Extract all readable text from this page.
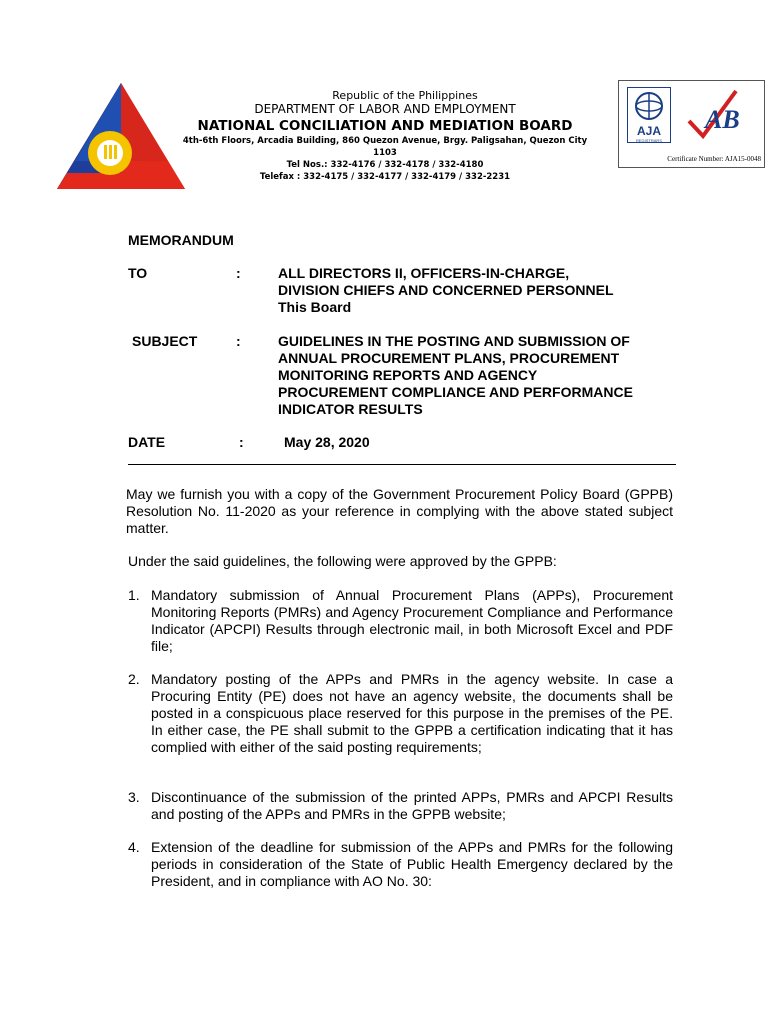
Republic of the Philippines
DEPARTMENT OF LABOR AND EMPLOYMENT
NATIONAL CONCILIATION AND MEDIATION BOARD
4th-6th Floors, Arcadia Building, 860 Quezon Avenue, Brgy. Paligsahan, Quezon City 1103
Tel Nos.: 332-4176 / 332-4178 / 332-4180
Telefax : 332-4175 / 332-4177 / 332-4179 / 332-2231
AJA
REGISTRARS
AB
Certificate Number: AJA15-0048
MEMORANDUM
TO	:	ALL DIRECTORS II, OFFICERS-IN-CHARGE,
DIVISION CHIEFS AND CONCERNED PERSONNEL
This Board
SUBJECT	:	GUIDELINES IN THE POSTING AND SUBMISSION OF
ANNUAL PROCUREMENT PLANS, PROCUREMENT
MONITORING REPORTS AND AGENCY
PROCUREMENT COMPLIANCE AND PERFORMANCE
INDICATOR RESULTS
DATE	:	May 28, 2020
May we furnish you with a copy of the Government Procurement Policy Board (GPPB) Resolution No. 11-2020 as your reference in complying with the above stated subject matter.
Under the said guidelines, the following were approved by the GPPB:
1. Mandatory submission of Annual Procurement Plans (APPs), Procurement Monitoring Reports (PMRs) and Agency Procurement Compliance and Performance Indicator (APCPI) Results through electronic mail, in both Microsoft Excel and PDF file;
2. Mandatory posting of the APPs and PMRs in the agency website. In case a Procuring Entity (PE) does not have an agency website, the documents shall be posted in a conspicuous place reserved for this purpose in the premises of the PE. In either case, the PE shall submit to the GPPB a certification indicating that it has complied with either of the said posting requirements;
3. Discontinuance of the submission of the printed APPs, PMRs and APCPI Results and posting of the APPs and PMRs in the GPPB website;
4. Extension of the deadline for submission of the APPs and PMRs for the following periods in consideration of the State of Public Health Emergency declared by the President, and in compliance with AO No. 30:
